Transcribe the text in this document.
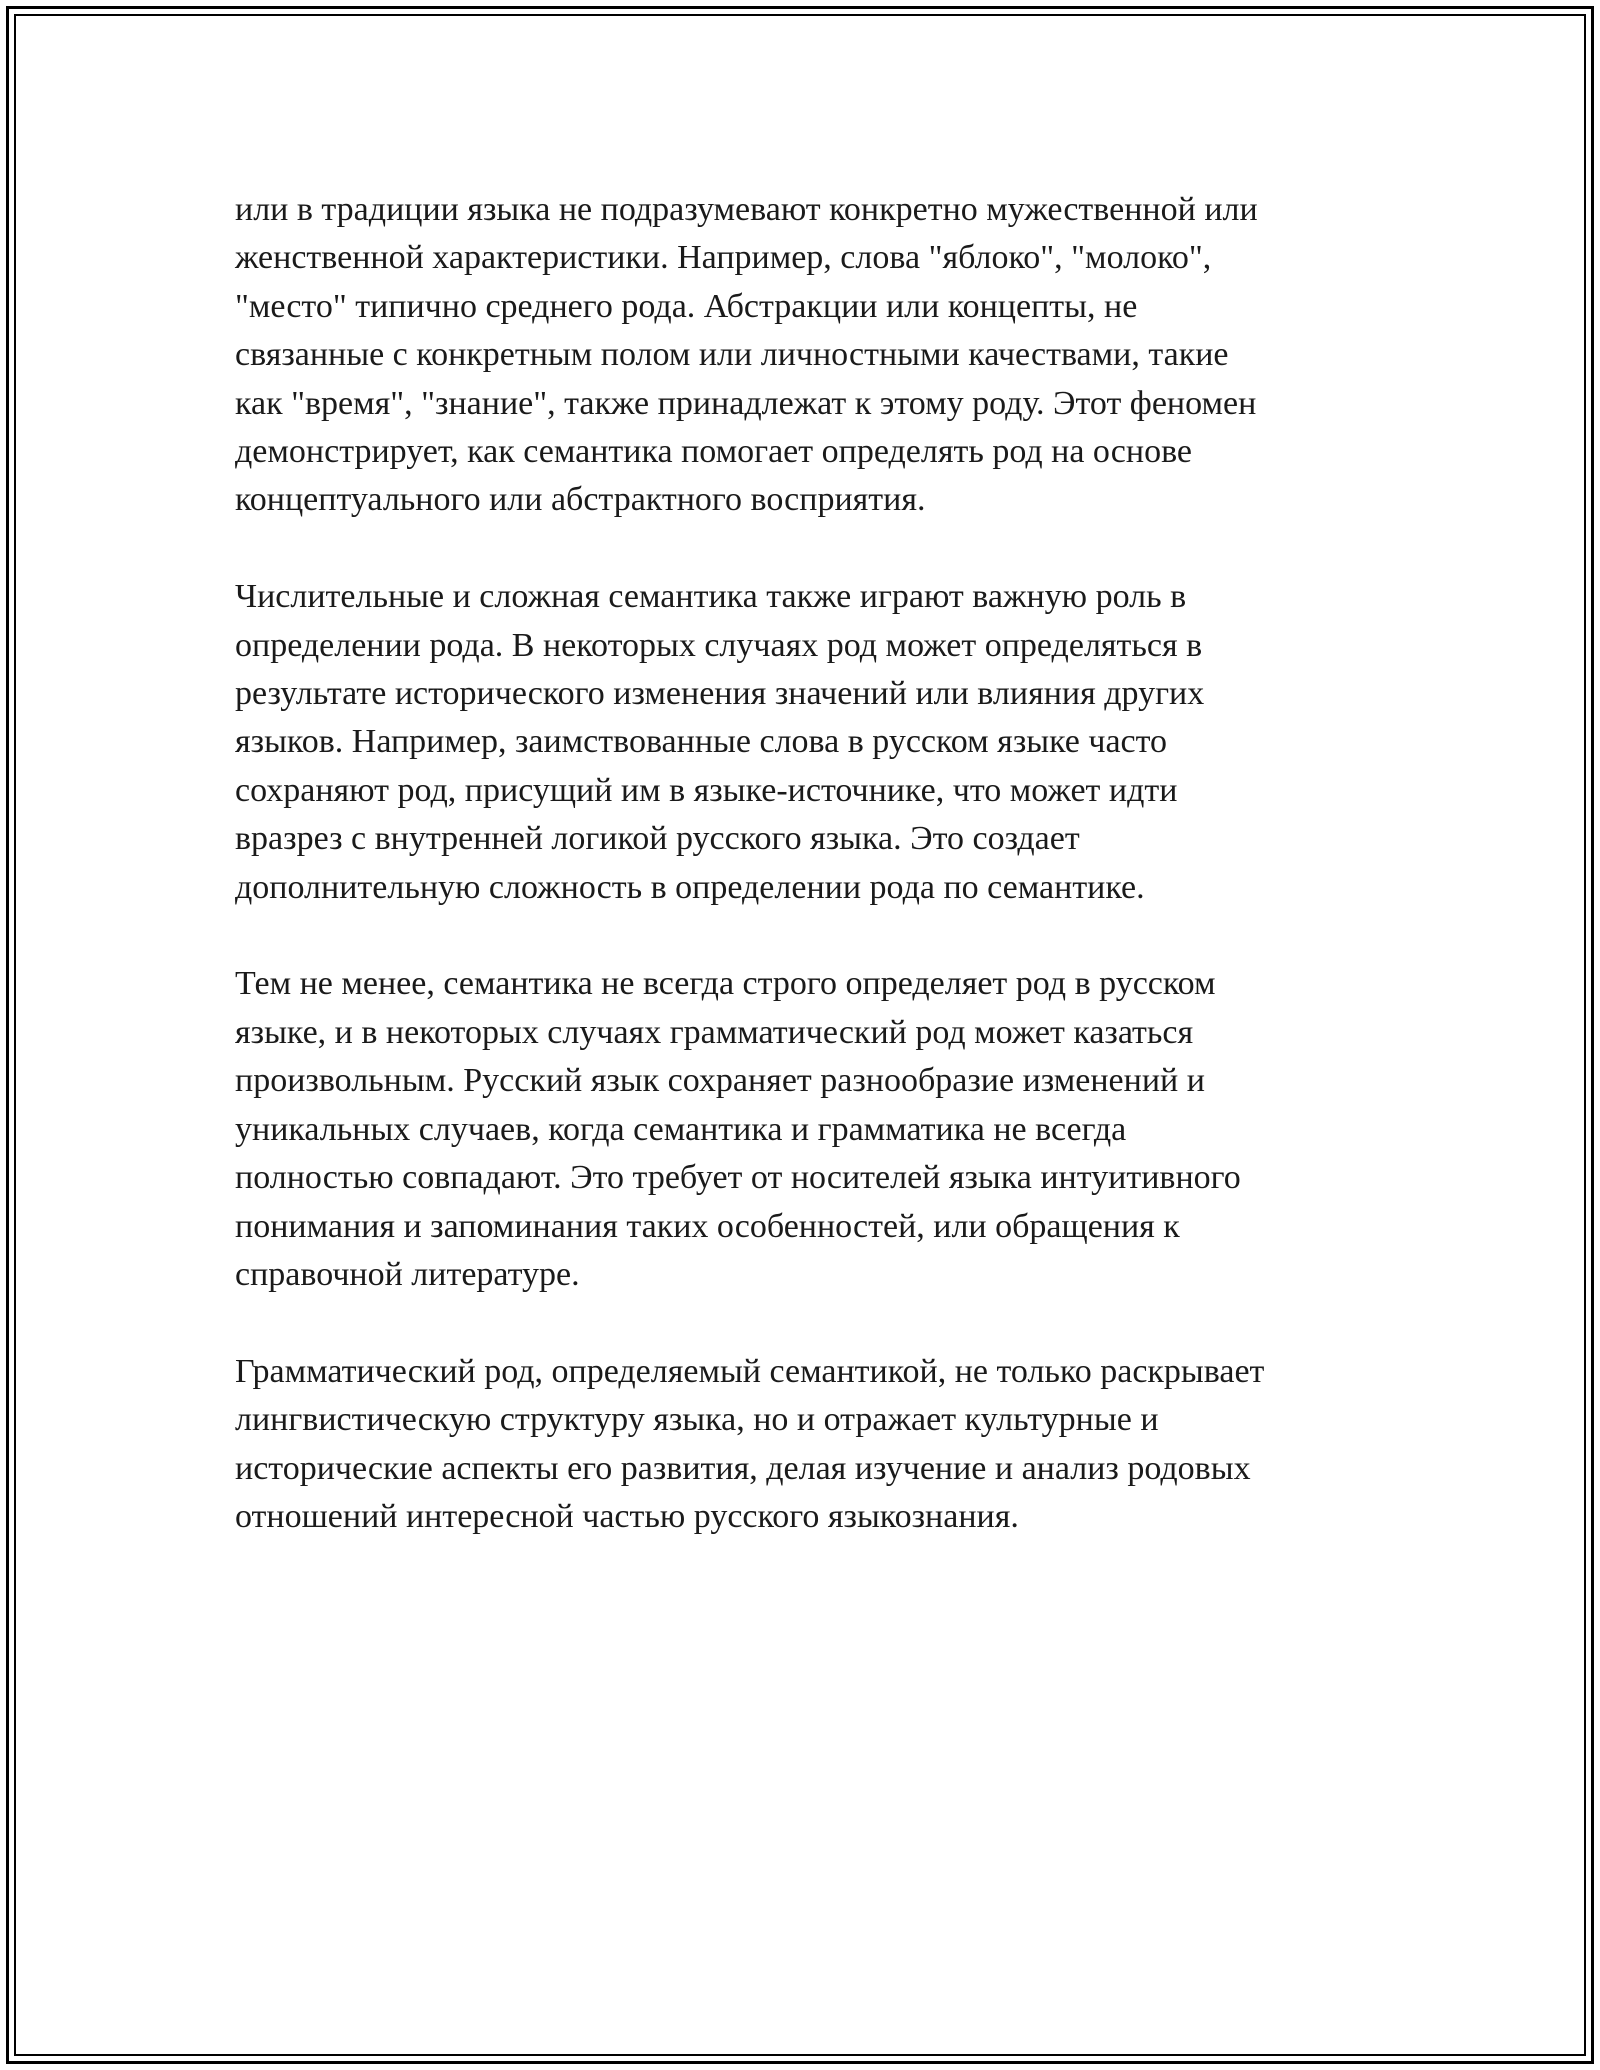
или в традиции языка не подразумевают конкретно мужественной или
женственной характеристики. Например, слова "яблоко", "молоко",
"место" типично среднего рода. Абстракции или концепты, не
связанные с конкретным полом или личностными качествами, такие
как "время", "знание", также принадлежат к этому роду. Этот феномен
демонстрирует, как семантика помогает определять род на основе
концептуального или абстрактного восприятия.

Числительные и сложная семантика также играют важную роль в
определении рода. В некоторых случаях род может определяться в
результате исторического изменения значений или влияния других
языков. Например, заимствованные слова в русском языке часто
сохраняют род, присущий им в языке-источнике, что может идти
вразрез с внутренней логикой русского языка. Это создает
дополнительную сложность в определении рода по семантике.

Тем не менее, семантика не всегда строго определяет род в русском
языке, и в некоторых случаях грамматический род может казаться
произвольным. Русский язык сохраняет разнообразие изменений и
уникальных случаев, когда семантика и грамматика не всегда
полностью совпадают. Это требует от носителей языка интуитивного
понимания и запоминания таких особенностей, или обращения к
справочной литературе.

Грамматический род, определяемый семантикой, не только раскрывает
лингвистическую структуру языка, но и отражает культурные и
исторические аспекты его развития, делая изучение и анализ родовых
отношений интересной частью русского языкознания.
